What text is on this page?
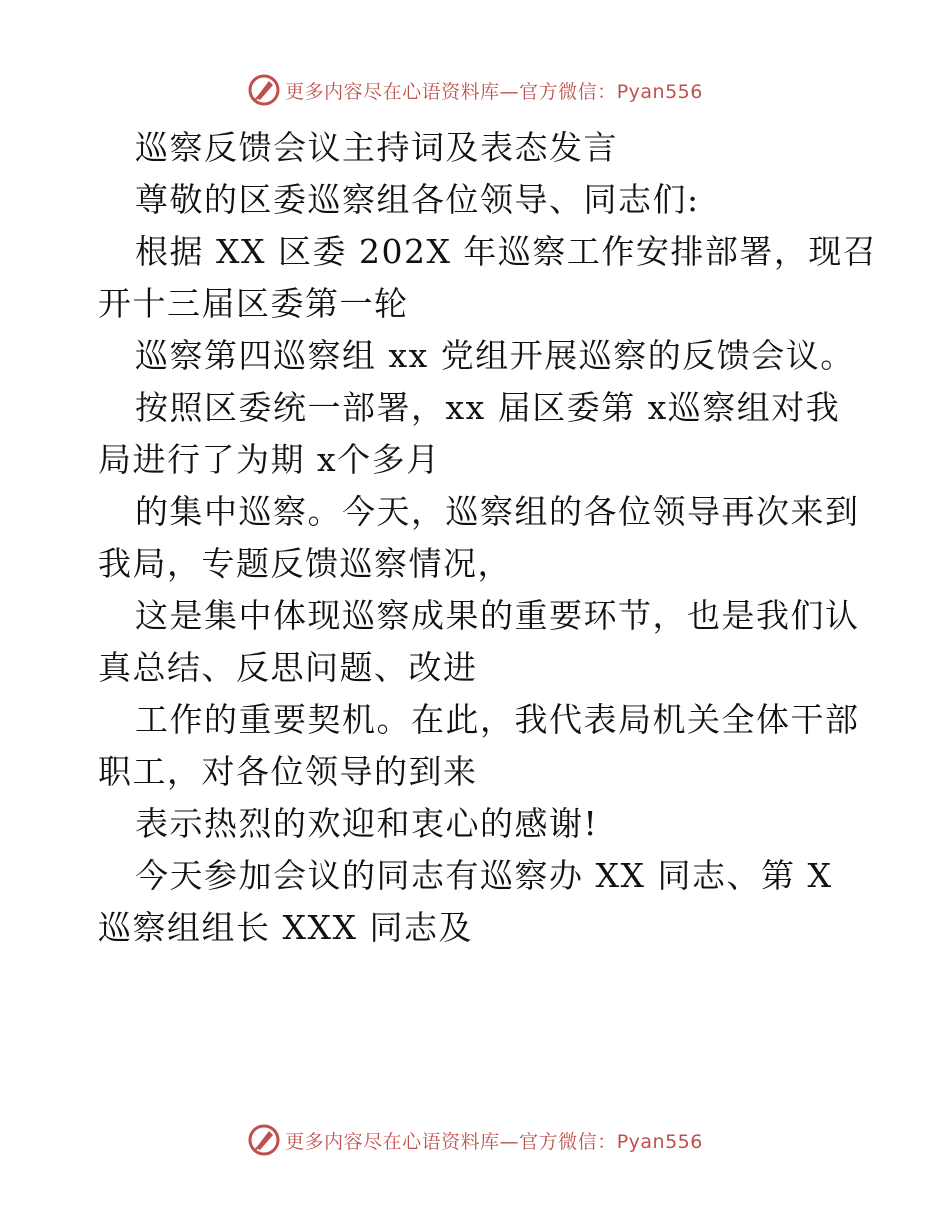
更多内容尽在心语资料库—官方微信：Pyan556
巡察反馈会议主持词及表态发言
尊敬的区委巡察组各位领导、同志们:
根据 XX 区委 202X 年巡察工作安排部署，现召
开十三届区委第一轮
巡察第四巡察组 xx 党组开展巡察的反馈会议。
按照区委统一部署，xx 届区委第 x巡察组对我
局进行了为期 x个多月
的集中巡察。今天，巡察组的各位领导再次来到
我局，专题反馈巡察情况，
这是集中体现巡察成果的重要环节，也是我们认
真总结、反思问题、改进
工作的重要契机。在此，我代表局机关全体干部
职工，对各位领导的到来
表示热烈的欢迎和衷心的感谢!
今天参加会议的同志有巡察办 XX 同志、第 X
巡察组组长 XXX 同志及
更多内容尽在心语资料库—官方微信：Pyan556
